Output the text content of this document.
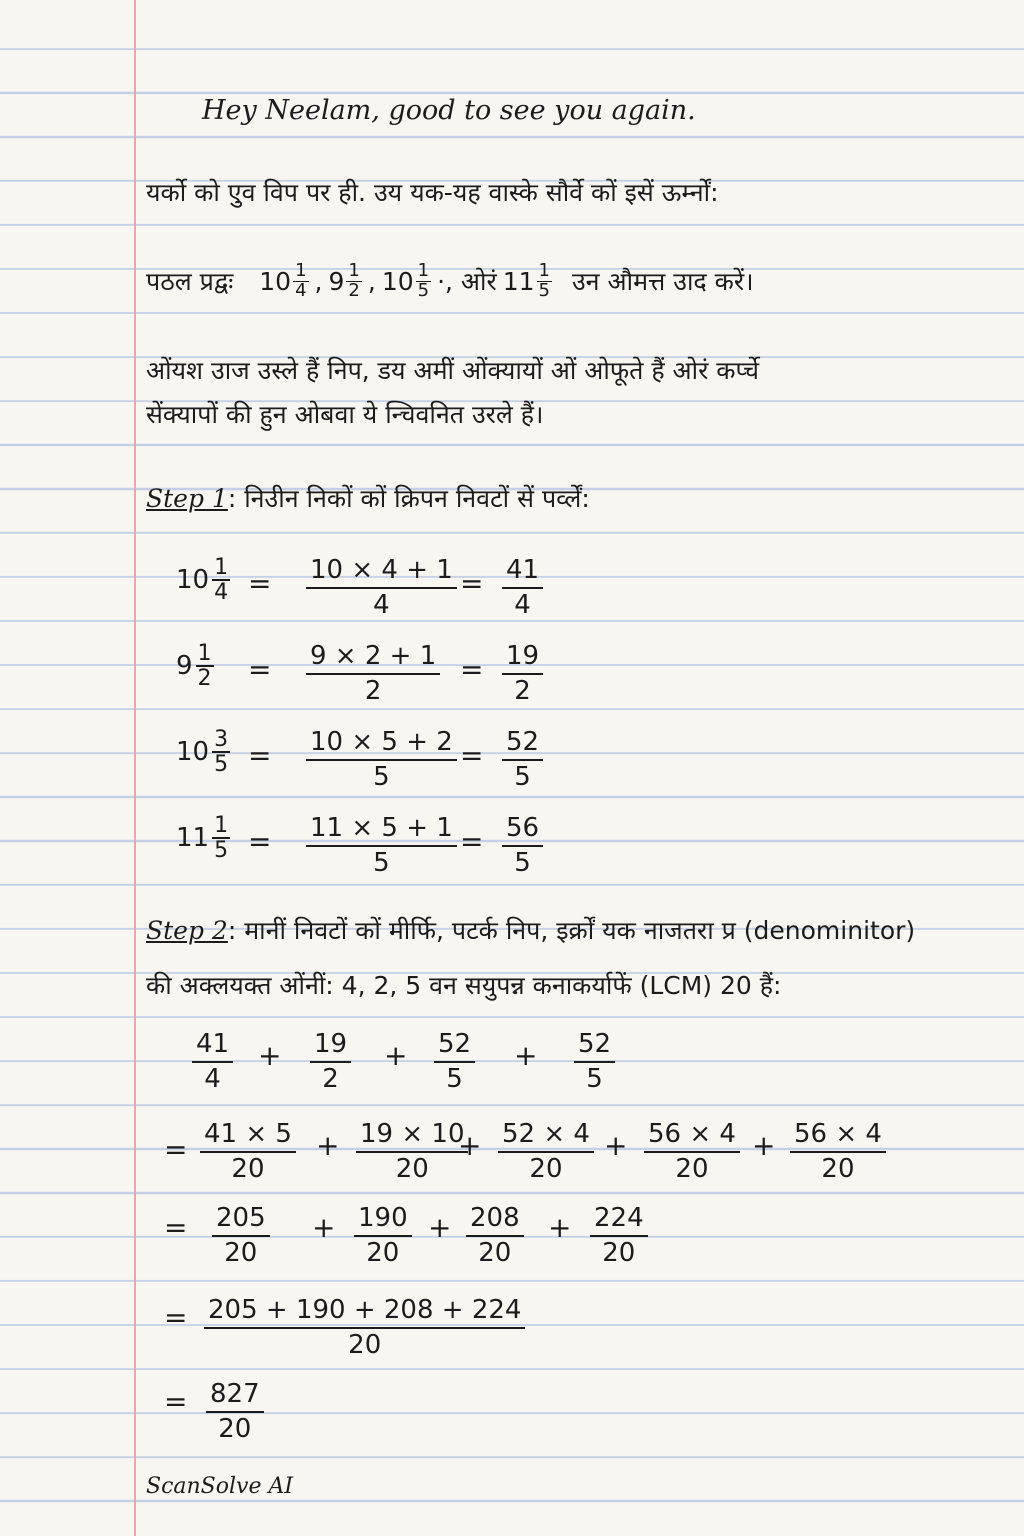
Hey Neelam, good to see you again.
यर्को को एुव विप पर ही. उय यक-यह वास्के सौर्वे कों इसें ऊर्म्नों:
पठल प्रद्वः $10 \frac{1}{4}$ , $9 \frac{1}{2}$ , $10 \frac{1}{5}$ ·, ओरं $11 \frac{1}{5}$ उन औमत्त उाद करें।
ओंयश उाज उस्ले हैं निप, डय अमीं ओंक्यायों ओं ओफूते हैं ओरं कर्प्चे
सेंक्यापों की हुन ओबवा ये न्चिवनित उरले हैं।
Step 1: निउीन निकों कों क्रिपन निवटों सें पर्व्लें:
$10 \frac{1}{4} = \frac{10 \times 4 + 1}{4} = \frac{41}{4}$
$9 \frac{1}{2} = \frac{9 \times 2 + 1}{2} = \frac{19}{2}$
$10 \frac{3}{5} = \frac{10 \times 5 + 2}{5} = \frac{52}{5}$
$11 \frac{1}{5} = \frac{11 \times 5 + 1}{5} = \frac{56}{5}$
Step 2: मानीं निवटों कों मीर्फि, पटर्क निप, इर्क्रों यक नाजतरा प्र (denominitor)
की अक्लयक्त ओंनीं: 4, 2, 5 वन सयुपन्न कनाकर्याफें (LCM) 20 हैं:
$\frac{41}{4} + \frac{19}{2} + \frac{52}{5} + \frac{52}{5}$
= $\frac{41 \times 5}{20} + \frac{19 \times 10}{20}$
+ $\frac{52 \times 4}{20} + \frac{56 \times 4}{20} + \frac{56 \times 4}{20}$
= $\frac{205}{20} + \frac{190}{20} + \frac{208}{20} + \frac{224}{20}$
= $\frac{205 + 190 + 208 + 224}{20}$
= $\frac{827}{20}$
ScanSolve AI
